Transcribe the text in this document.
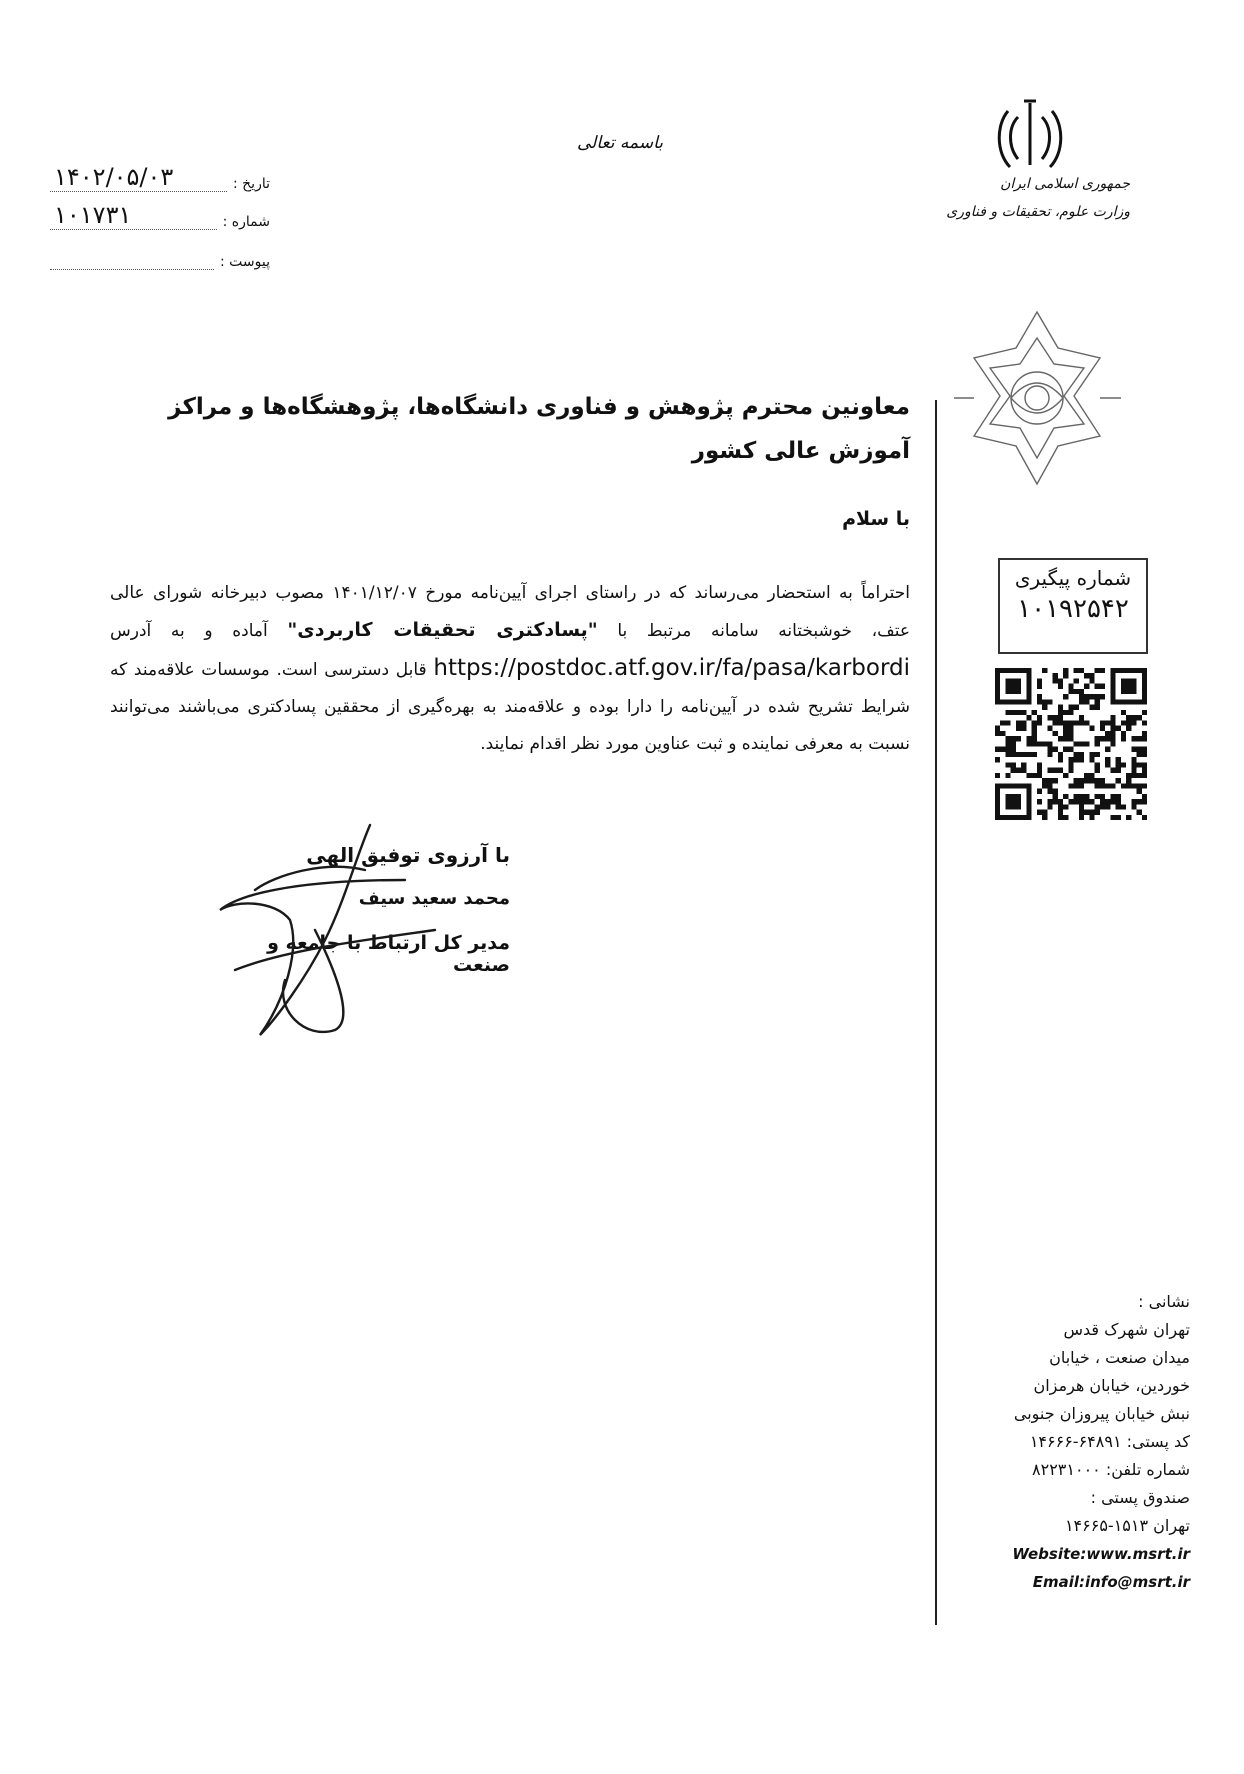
باسمه تعالی
تاریخ :
۱۴۰۲/۰۵/۰۳
شماره :
۱۰۱۷۳۱
پیوست :
جمهوری اسلامی ایران
وزارت علوم، تحقیقات و فناوری
شماره پیگیری
۱۰۱۹۲۵۴۲
معاونین محترم پژوهش و فناوری دانشگاه‌ها، پژوهشگاه‌ها و مراکز آموزش عالی کشور
با سلام
احتراماً به استحضار می‌رساند که در راستای اجرای آیین‌نامه مورخ ۱۴۰۱/۱۲/۰۷ مصوب دبیرخانه شورای عالی عتف، خوشبختانه سامانه مرتبط با "پسادکتری تحقیقات کاربردی" آماده و به آدرس https://postdoc.atf.gov.ir/fa/pasa/karbordi قابل دسترسی است. موسسات علاقه‌مند که شرایط تشریح شده در آیین‌نامه را دارا بوده و علاقه‌مند به بهره‌گیری از محققین پسادکتری می‌باشند می‌توانند نسبت به معرفی نماینده و ثبت عناوین مورد نظر اقدام نمایند.
با آرزوی توفیق الهی
محمد سعید سیف
مدیر کل ارتباط با جامعه و صنعت
نشانی :
تهران شهرک قدس
میدان صنعت ، خیابان
خوردین، خیابان هرمزان
نبش خیابان پیروزان جنوبی
کد پستی: ۶۴۸۹۱-۱۴۶۶۶
شماره تلفن: ۸۲۲۳۱۰۰۰
صندوق پستی :
تهران ۱۵۱۳-۱۴۶۶۵
Website:www.msrt.ir
Email:info@msrt.ir
